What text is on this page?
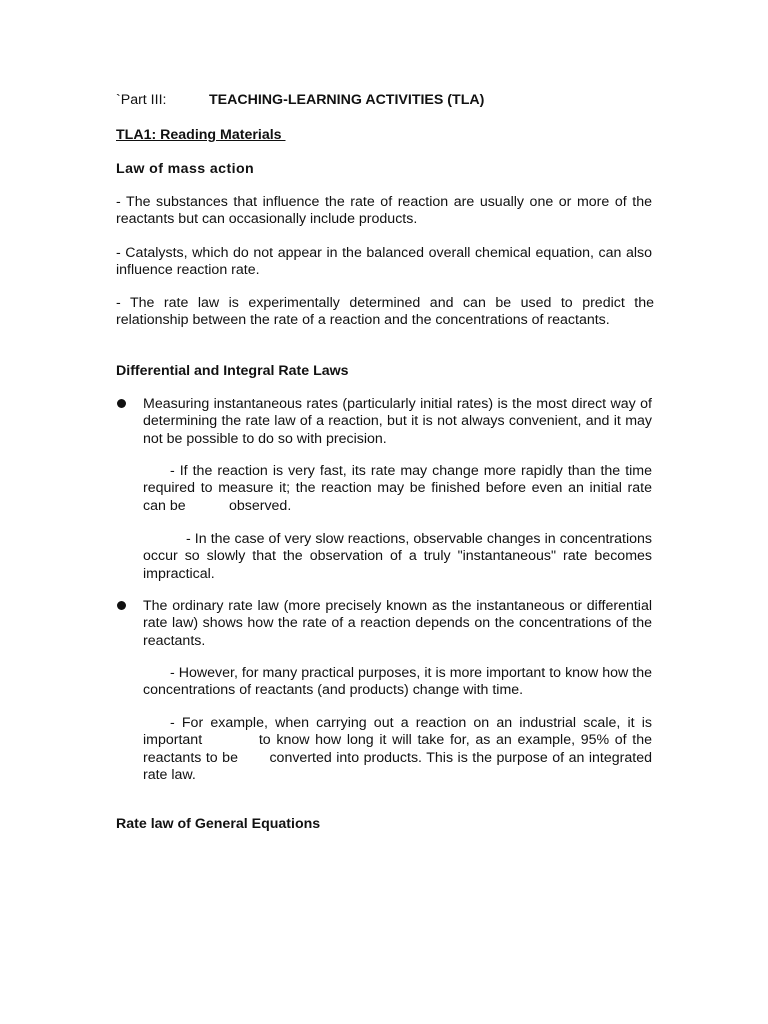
`Part III:	TEACHING-LEARNING ACTIVITIES (TLA)
TLA1: Reading Materials
Law of mass action
- The substances that influence the rate of reaction are usually one or more of the reactants but can occasionally include products.
- Catalysts, which do not appear in the balanced overall chemical equation, can also influence reaction rate.
- The rate law is experimentally determined and can be used to predict the relationship between the rate of a reaction and the concentrations of reactants.
Differential and Integral Rate Laws
Measuring instantaneous rates (particularly initial rates) is the most direct way of determining the rate law of a reaction, but it is not always convenient, and it may not be possible to do so with precision.
- If the reaction is very fast, its rate may change more rapidly than the time        required to measure it; the reaction may be finished before even an initial rate                 can be           observed.
- In the case of very slow reactions, observable changes in concentrations occur so slowly that the observation of a truly "instantaneous" rate becomes           impractical.
The ordinary rate law (more precisely known as the instantaneous or differential rate law) shows how the rate of a reaction depends on the concentrations of the reactants.
- However, for many practical purposes, it is more important to know how the   concentrations of reactants (and products) change with time.
- For example, when carrying out a reaction on an industrial scale, it is important          to know how long it will take for, as an example, 95% of the reactants to be       converted into products. This is the purpose of an integrated rate law.
Rate law of General Equations
